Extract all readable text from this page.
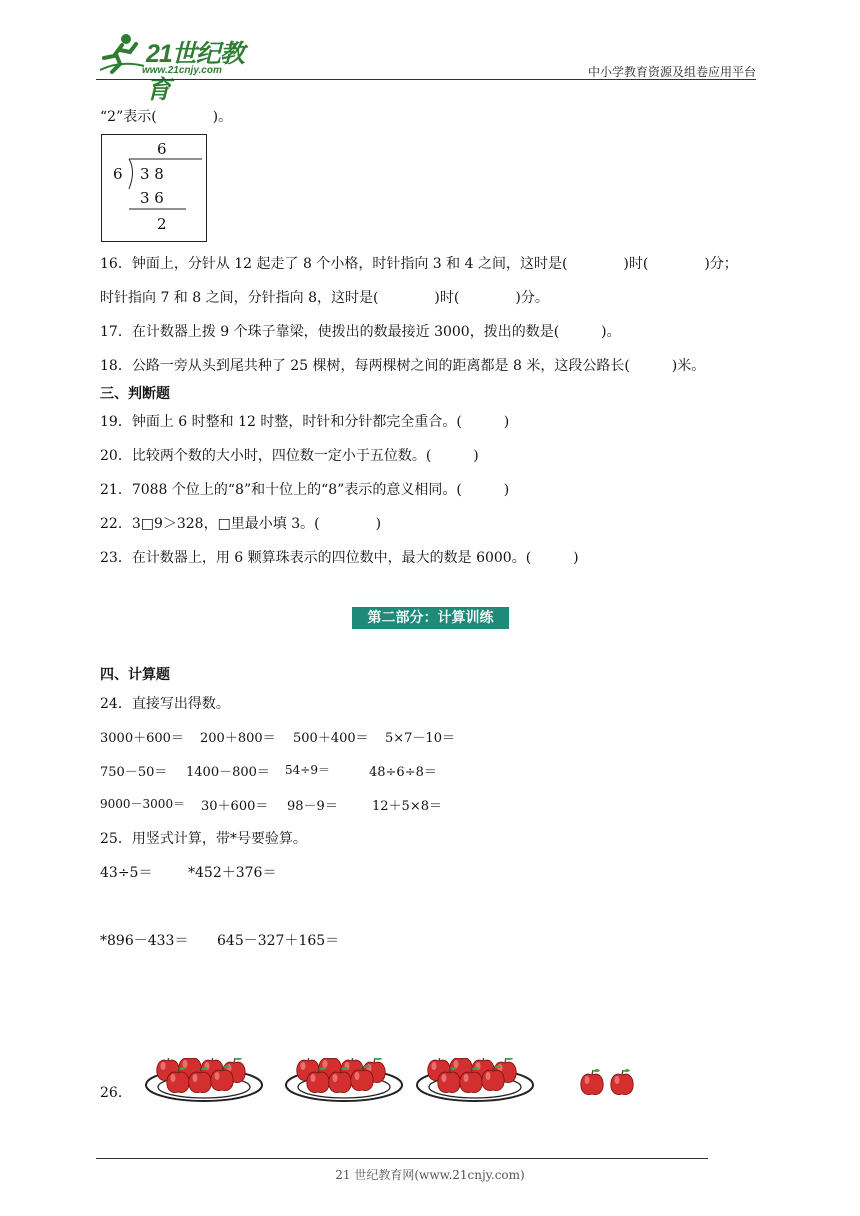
21世纪教育
www.21cnjy.com	中小学教育资源及组卷应用平台
“2”表示(　　　　)。
6
6 3 8
3 6
2
16．钟面上，分针从 12 起走了 8 个小格，时针指向 3 和 4 之间，这时是(　　　　)时(　　　　)分；
时针指向 7 和 8 之间，分针指向 8，这时是(　　　　)时(　　　　)分。
17．在计数器上拨 9 个珠子靠梁，使拨出的数最接近 3000，拨出的数是(　　　)。
18．公路一旁从头到尾共种了 25 棵树，每两棵树之间的距离都是 8 米，这段公路长(　　　)米。
三、判断题
19．钟面上 6 时整和 12 时整，时针和分针都完全重合。(　　　)
20．比较两个数的大小时，四位数一定小于五位数。(　　　)
21．7088 个位上的“8”和十位上的“8”表示的意义相同。(　　　)
22．3□9＞328，□里最小填 3。(　　　　)
23．在计数器上，用 6 颗算珠表示的四位数中，最大的数是 6000。(　　　)
第二部分：计算训练
四、计算题
24．直接写出得数。
3000＋600＝ 200＋800＝ 500＋400＝ 5×7－10＝
750－50＝ 1400－800＝ 54÷9＝	48÷6÷8＝
9000－3000＝ 30＋600＝ 98－9＝	12＋5×8＝
25．用竖式计算，带*号要验算。
43÷5＝	*452＋376＝
*896－433＝ 645－327＋165＝
26．
21 世纪教育网(www.21cnjy.com)
